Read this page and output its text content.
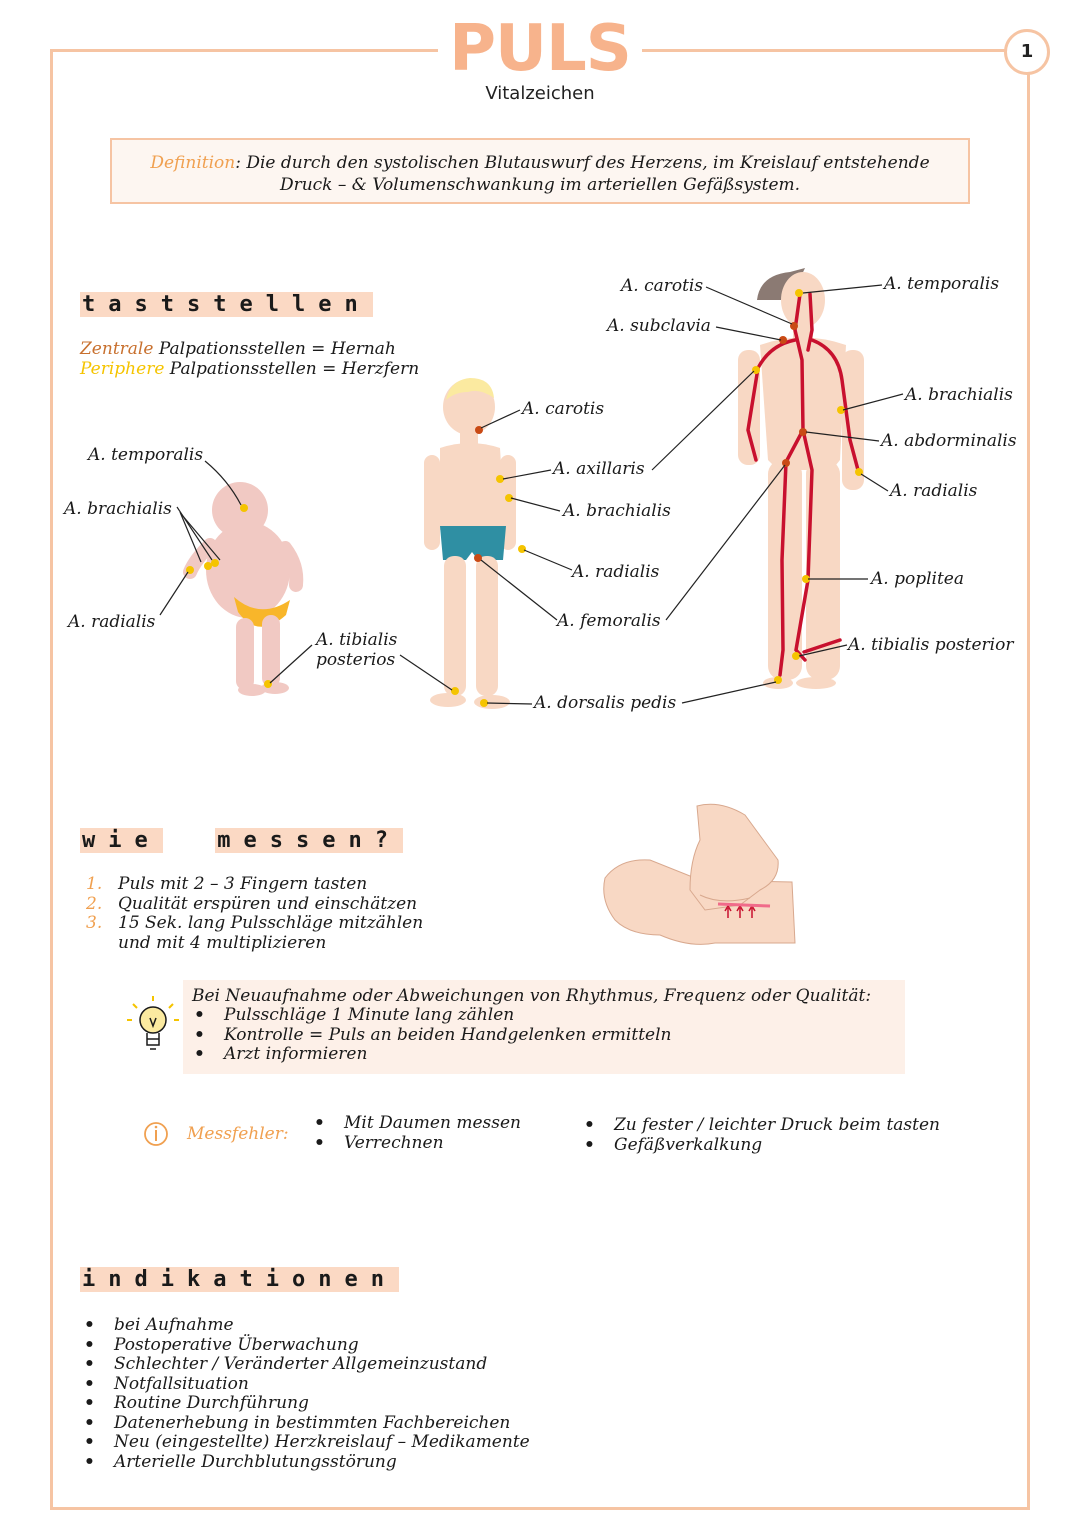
PULS
Vitalzeichen
1
Definition: Die durch den systolischen Blutauswurf des Herzens, im Kreislauf entstehende
Druck – & Volumenschwankung im arteriellen Gefäßsystem.
taststellen
Zentrale Palpationsstellen = Hernah
Periphere Palpationsstellen = Herzfern
A. temporalis
A. brachialis
A. radialis
A. tibialis
posterios
A. carotis
A. axillaris
A. brachialis
A. radialis
A. femoralis
A. dorsalis pedis
A. carotis
A. subclavia
A. temporalis
A. brachialis
A. abdorminalis
A. radialis
A. poplitea
A. tibialis posterior
wie	messen?
1. Puls mit 2 – 3 Fingern tasten
2. Qualität erspüren und einschätzen
3. 15 Sek. lang Pulsschläge mitzählen
und mit 4 multiplizieren
Bei Neuaufnahme oder Abweichungen von Rhythmus, Frequenz oder Qualität:
• Pulsschläge 1 Minute lang zählen
• Kontrolle = Puls an beiden Handgelenken ermitteln
• Arzt informieren
Messfehler:
• Mit Daumen messen
• Verrechnen
• Zu fester / leichter Druck beim tasten
• Gefäßverkalkung
indikationen
• bei Aufnahme
• Postoperative Überwachung
• Schlechter / Veränderter Allgemeinzustand
• Notfallsituation
• Routine Durchführung
• Datenerhebung in bestimmten Fachbereichen
• Neu (eingestellte) Herzkreislauf – Medikamente
• Arterielle Durchblutungsstörung
